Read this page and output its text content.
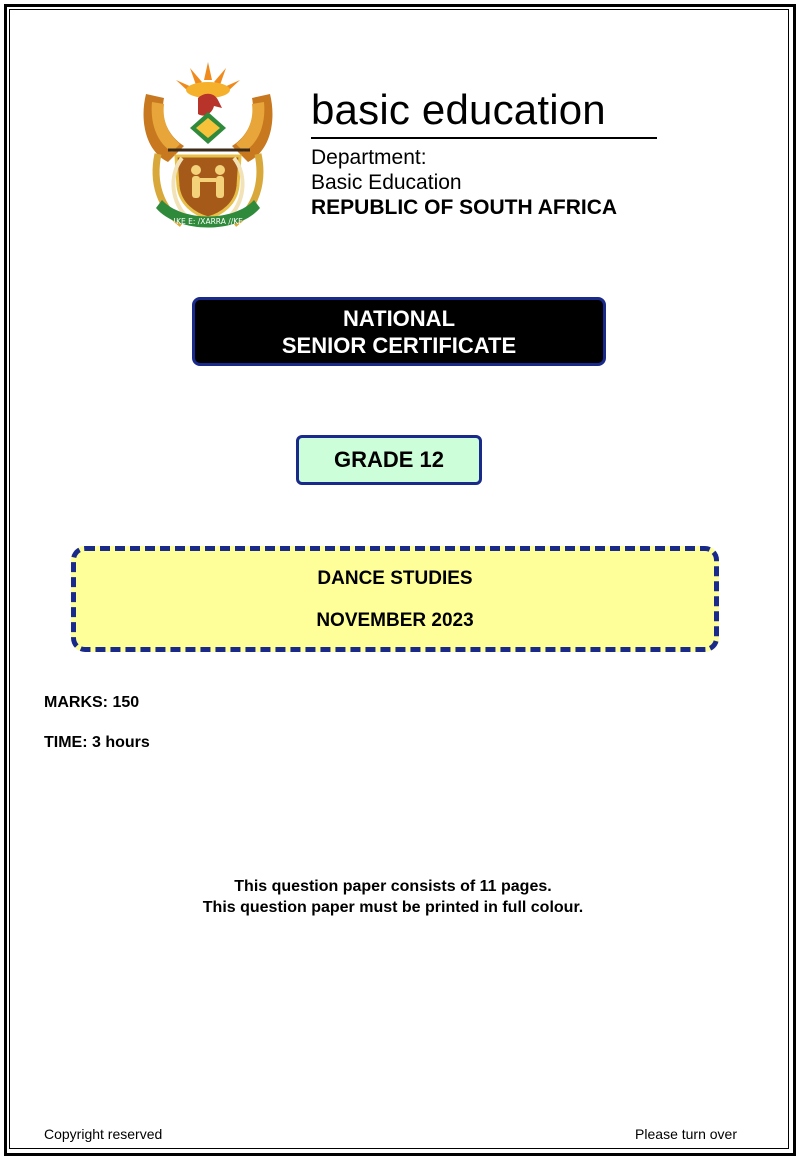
!KE E: /XARRA //KE
basic education
Department:
Basic Education
REPUBLIC OF SOUTH AFRICA
NATIONAL
SENIOR CERTIFICATE
GRADE 12
DANCE STUDIES
NOVEMBER 2023
MARKS: 150
TIME: 3 hours
This question paper consists of 11 pages.
This question paper must be printed in full colour.
Copyright reserved	Please turn over
